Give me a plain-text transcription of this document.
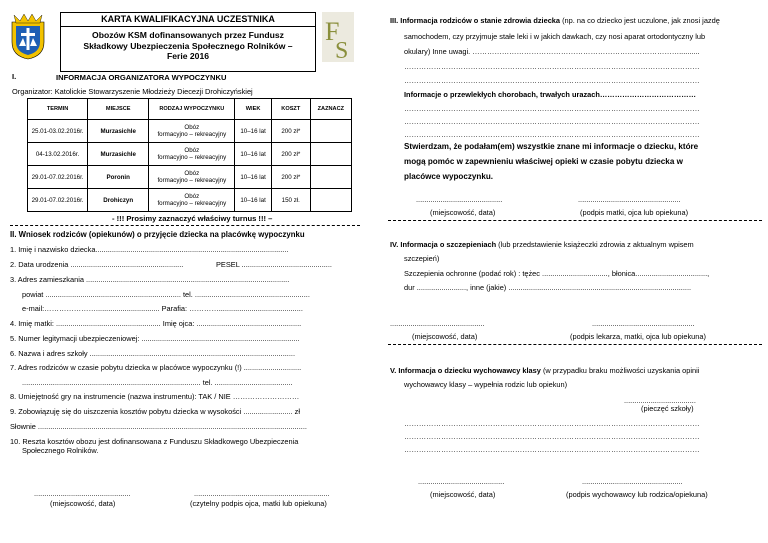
KARTA KWALIFIKACYJNA UCZESTNIKA
Obozów KSM dofinansowanych przez Fundusz
Składkowy Ubezpieczenia Społecznego Rolników –
Ferie 2016
F
S
I.	INFORMACJA ORGANIZATORA WYPOCZYNKU
Organizator: Katolickie Stowarzyszenie Młodzieży Diecezji Drohiczyńskiej
TERMIN	MIEJSCE	RODZAJ WYPOCZYNKU	WIEK	KOSZT	ZAZNACZ
25.01-03.02.2016r.	Murzasichle	Obóz
formacyjno – rekreacyjny	10–16 lat	200 zł*	
04-13.02.2016r.	Murzasichle	Obóz
formacyjno – rekreacyjny	10–16 lat	200 zł*	
29.01-07.02.2016r.	Poronin	Obóz
formacyjno – rekreacyjny	10–16 lat	200 zł*	
29.01-07.02.2016r.	Drohiczyn	Obóz
formacyjno – rekreacyjny	10–16 lat	150 zł.	
- !!! Prosimy zaznaczyć właściwy turnus !!! –
II. Wniosek rodziców (opiekunów) o przyjęcie dziecka na placówkę wypoczynku
1. Imię i nazwisko dziecka..............................................................................................
2. Data urodzenia .......................................................	PESEL ............................................
3. Adres zamieszkania ...................................................................................................
powiat .................................................................. tel. ........................................................
e-mail:…………………............................... Parafia: ………….........................................
4. Imię matki: ................................................... Imię ojca: ...................................................
5. Numer legitymacji ubezpieczeniowej: .............................................................................
6. Nazwa i adres szkoły ....................................................................................................
7. Adres rodziców w czasie pobytu dziecka w placówce wypoczynku (!) ............................
....................................................................................... tel. ......................................
8. Umiejętność gry na instrumencie (nazwa instrumentu): TAK / NIE ………………………
9. Zobowiązuję się do uiszczenia kosztów pobytu dziecka w wysokości ........................ zł
Słownie ...................................................................................................................................
10. Reszta kosztów obozu jest dofinansowana z Funduszu Składkowego Ubezpieczenia
Społecznego Rolników.
...............................................	..................................................................
(miejscowość, data)	(czytelny podpis ojca, matki lub opiekuna)
III. Informacja rodziców o stanie zdrowia dziecka (np. na co dziecko jest uczulone, jak znosi jazdę
samochodem, czy przyjmuje stałe leki i w jakich dawkach, czy nosi aparat ortodontyczny lub
okulary) Inne uwagi. …………………………………………………………………………..........
…………………………………………………………………………………………………………
…………………………………………………………………………………………………………
Informacje o przewlekłych chorobach, trwałych urazach…………………………………
…………………………………………………………………………………………………………
…………………………………………………………………………………………………………
…………………………………………………………………………………………………………
Stwierdzam, że podałam(em) wszystkie znane mi informacje o dziecku, które
mogą pomóc w zapewnieniu właściwej opieki w czasie pobytu dziecka w
placówce wypoczynku.
..........................................	..................................................
(miejscowość, data)	(podpis matki, ojca lub opiekuna)
IV. Informacja o szczepieniach (lub przedstawienie książeczki zdrowia z aktualnym wpisem
szczepień)
Szczepienia ochronne (podać rok) : tężec ................................, błonica...................................,
dur ........................, inne (jakie) .........................................................................................
..............................................	..................................................
(miejscowość, data)	(podpis lekarza, matki, ojca lub opiekuna)
V. Informacja o dziecku wychowawcy klasy (w przypadku braku możliwości uzyskania opinii
wychowawcy klasy – wypełnia rodzic lub opiekun)
...................................
(pieczęć szkoły)
…………………………………………………………………………………………………………
…………………………………………………………………………………………………………
…………………………………………………………………………………………………………
..........................................	.................................................
(miejscowość, data)	(podpis wychowawcy lub rodzica/opiekuna)
